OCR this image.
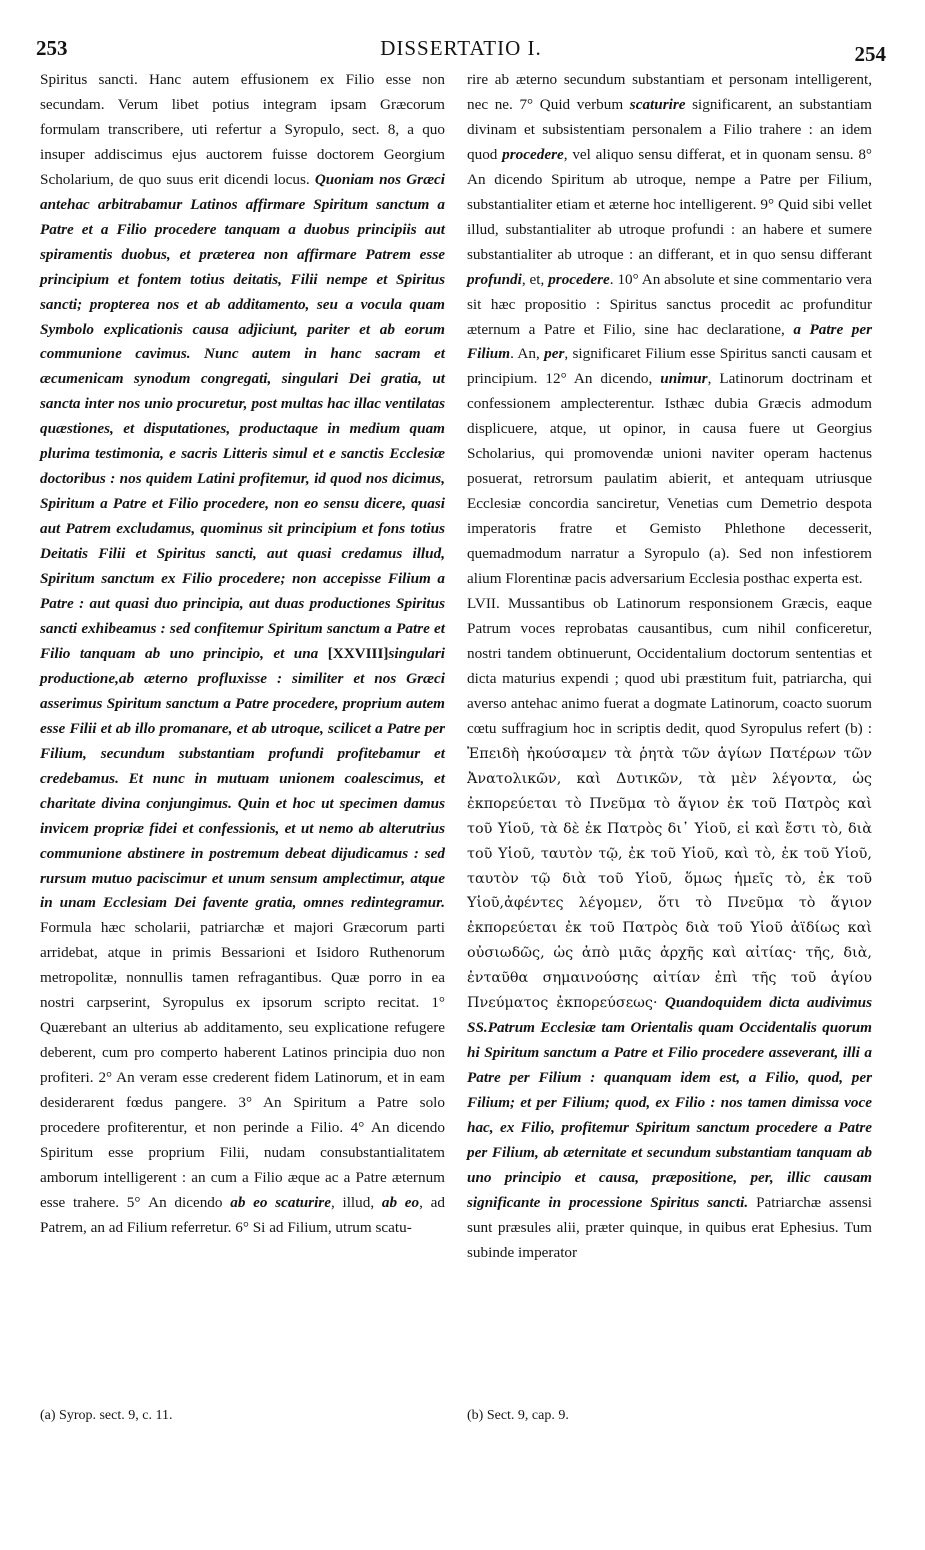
253	DISSERTATIO I.	254

Spiritus sancti. Hanc autem effusionem ex Filio esse non secundam. Verum libet potius integram ipsam Græcorum formulam transcribere, uti refertur a Syropulo, sect. 8, a quo insuper addiscimus ejus auctorem fuisse doctorem Georgium Scholarium, de quo suus erit dicendi locus. Quoniam nos Græci antehac arbitrabamur Latinos affirmare Spiritum sanctum a Patre et a Filio procedere tanquam a duobus principiis aut spiramentis duobus, et præterea non affirmare Patrem esse principium et fontem totius deitatis, Filii nempe et Spiritus sancti; propterea nos et ab additamento, seu a vocula quam Symbolo explicationis causa adjiciunt, pariter et ab eorum communione cavimus. Nunc autem in hanc sacram et æcumenicam synodum congregati, singulari Dei gratia, ut sancta inter nos unio procuretur, post multas hac illac ventilatas quæstiones, et disputationes, productaque in medium quam plurima testimonia, e sacris Litteris simul et e sanctis Ecclesiæ doctoribus : nos quidem Latini profitemur, id quod nos dicimus, Spiritum a Patre et Filio procedere, non eo sensu dicere, quasi aut Patrem excludamus, quominus sit principium et fons totius Deitatis Filii et Spiritus sancti, aut quasi credamus illud, Spiritum sanctum ex Filio procedere; non accepisse Filium a Patre : aut quasi duo principia, aut duas productiones Spiritus sancti exhibeamus : sed confitemur Spiritum sanctum a Patre et Filio tanquam ab uno principio, et una [XXVIII]singulari productione,ab æterno profluxisse : similiter et nos Græci asserimus Spiritum sanctum a Patre procedere, proprium autem esse Filii et ab illo promanare, et ab utroque, scilicet a Patre per Filium, secundum substantiam profundi profitebamur et credebamus. Et nunc in mutuam unionem coalescimus, et charitate divina conjungimus. Quin et hoc ut specimen damus invicem propriæ fidei et confessionis, et ut nemo ab alterutrius communione abstinere in postremum debeat dijudicamus : sed rursum mutuo paciscimur et unum sensum amplectimur, atque in unam Ecclesiam Dei favente gratia, omnes redintegramur. Formula hæc scholarii, patriarchæ et majori Græcorum parti arridebat, atque in primis Bessarioni et Isidoro Ruthenorum metropolitæ, nonnullis tamen refragantibus. Quæ porro in ea nostri carpserint, Syropulus ex ipsorum scripto recitat. 1° Quærebant an ulterius ab additamento, seu explicatione refugere deberent, cum pro comperto haberent Latinos principia duo non profiteri. 2° An veram esse crederent fidem Latinorum, et in eam desiderarent fœdus pangere. 3° An Spiritum a Patre solo procedere profiterentur, et non perinde a Filio. 4° An dicendo Spiritum esse proprium Filii, nudam consubstantialitatem amborum intelligerent : an cum a Filio æque ac a Patre æternum esse traherе. 5° An dicendo ab eo scaturire, illud, ab eo, ad Patrem, an ad Filium referretur. 6° Si ad Filium, utrum scatu-

(a) Syrop. sect. 9, c. 11.

rire ab æterno secundum substantiam et personam intelligerent, nec ne. 7° Quid verbum scaturire significarent, an substantiam divinam et subsistentiam personalem a Filio trahere : an idem quod procedere, vel aliquo sensu differat, et in quonam sensu. 8° An dicendo Spiritum ab utroque, nempe a Patre per Filium, substantialiter etiam et æterne hoc intelligerent. 9° Quid sibi vellet illud, substantialiter ab utroque profundi : an habere et sumere substantialiter ab utroque : an differant, et in quo sensu differant profundi, et, procedere. 10° An absolute et sine commentario vera sit hæc propositio : Spiritus sanctus procedit ac profunditur æternum a Patre et Filio, sine hac declaratione, a Patre per Filium. An, per, significaret Filium esse Spiritus sancti causam et principium. 12° An dicendo, unimur, Latinorum doctrinam et confessionem amplecterentur. Isthæc dubia Græcis admodum displicuere, atque, ut opinor, in causa fuere ut Georgius Scholarius, qui promovendæ unioni naviter operam hactenus posuerat, retrorsum paulatim abierit, et antequam utriusque Ecclesiæ concordia sanciretur, Venetias cum Demetrio despota imperatoris fratre et Gemisto Phlethone decesserit, quemadmodum narratur a Syropulo (a). Sed non infestiorem alium Florentinæ pacis adversarium Ecclesia posthac experta est.

LVII. Mussantibus ob Latinorum responsionem Græcis, eaque Patrum voces reprobatas causantibus, cum nihil conficeretur, nostri tandem obtinuerunt, Occidentalium doctorum sententias et dicta maturius expendi ; quod ubi præstitum fuit, patriarcha, qui averso antehac animo fuerat a dogmate Latinorum, coacto suorum cœtu suffragium hoc in scriptis dedit, quod Syropulus refert (b) : Ἐπειδὴ ἠκούσαμεν τὰ ῥητὰ τῶν ἁγίων Πατέρων τῶν Ἀνατολικῶν, καὶ Δυτικῶν, τὰ μὲν λέγοντα, ὡς ἐκπορεύεται τὸ Πνεῦμα τὸ ἅγιον ἐκ τοῦ Πατρὸς καὶ τοῦ Υἱοῦ, τὰ δὲ ἐκ Πατρὸς δι᾽ Υἱοῦ, εἰ καὶ ἔστι τὸ, διὰ τοῦ Υἱοῦ, ταυτὸν τῷ, ἐκ τοῦ Υἱοῦ, καὶ τὸ, ἐκ τοῦ Υἱοῦ, ταυτὸν τῷ διὰ τοῦ Υἱοῦ, ὅμως ἡμεῖς τὸ, ἐκ τοῦ Υἱοῦ,ἀφέντες λέγομεν, ὅτι τὸ Πνεῦμα τὸ ἅγιον ἐκπορεύεται ἐκ τοῦ Πατρὸς διὰ τοῦ Υἱοῦ ἀϊδίως καὶ οὐσιωδῶς, ὡς ἀπὸ μιᾶς ἀρχῆς καὶ αἰτίας· τῆς, διὰ, ἐνταῦθα σημαινούσης αἰτίαν ἐπὶ τῆς τοῦ ἁγίου Πνεύματος ἐκπορεύσεως· Quandoquidem dicta audivimus SS.Patrum Ecclesiæ tam Orientalis quam Occidentalis quorum hi Spiritum sanctum a Patre et Filio procedere asseverant, illi a Patre per Filium : quanquam idem est, a Filio, quod, per Filium; et per Filium; quod, ex Filio : nos tamen dimissa voce hac, ex Filio, profitemur Spiritum sanctum procedere a Patre per Filium, ab æternitate et secundum substantiam tanquam ab uno principio et causa, præpositione, per, illic causam significante in processione Spiritus sancti. Patriarchæ assensi sunt præsules alii, præter quinque, in quibus erat Ephesius. Tum subinde imperator

(b) Sect. 9, cap. 9.
